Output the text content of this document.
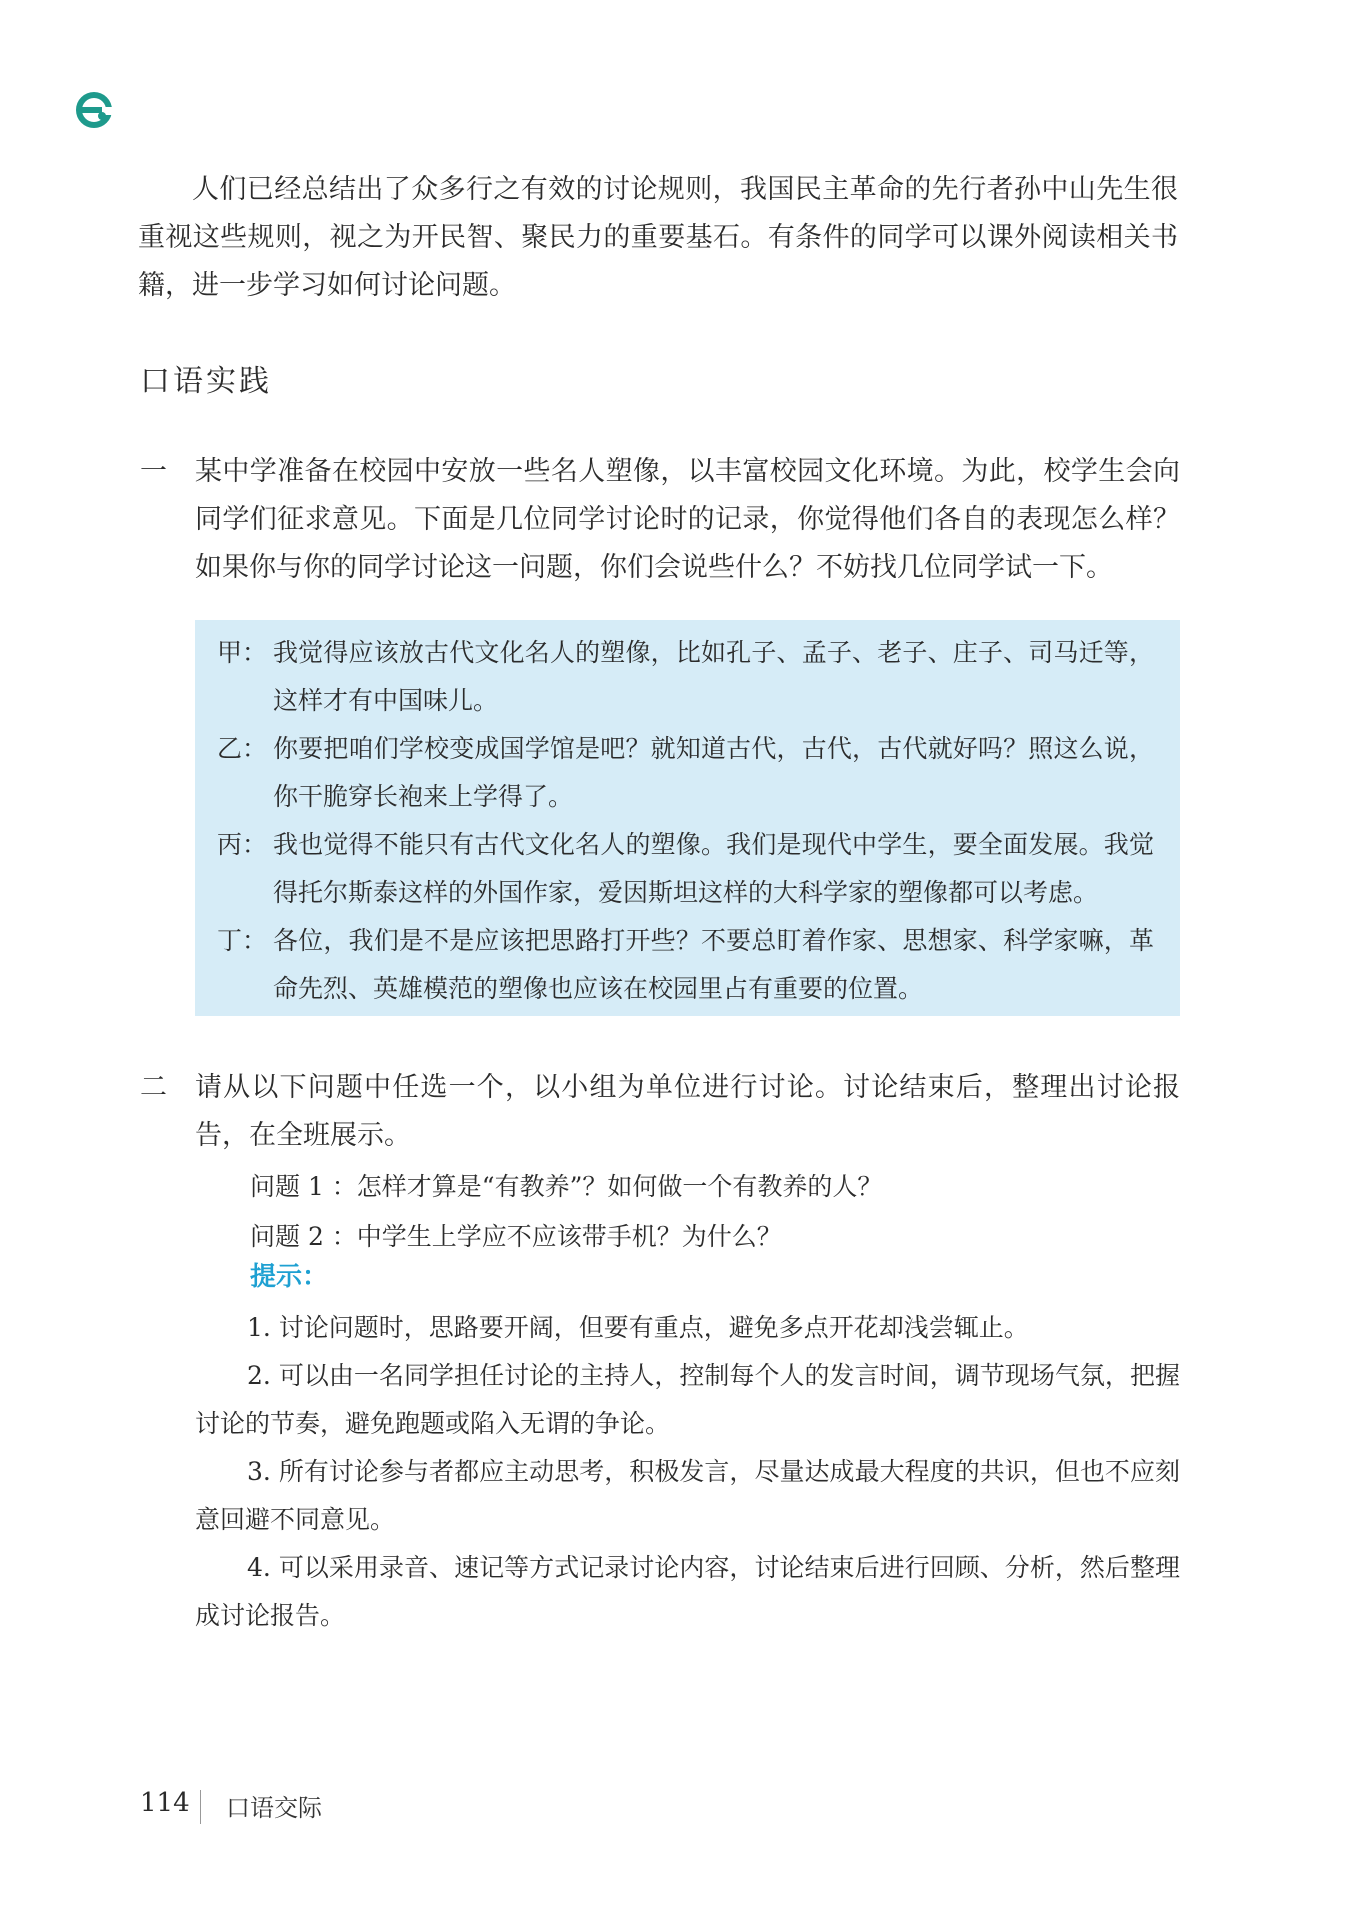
人们已经总结出了众多行之有效的讨论规则，我国民主革命的先行者孙中山先生很重视这些规则，视之为开民智、聚民力的重要基石。有条件的同学可以课外阅读相关书籍，进一步学习如何讨论问题。

口语实践
一 某中学准备在校园中安放一些名人塑像，以丰富校园文化环境。为此，校学生会向同学们征求意见。下面是几位同学讨论时的记录，你觉得他们各自的表现怎么样？如果你与你的同学讨论这一问题，你们会说些什么？不妨找几位同学试一下。
甲： 我觉得应该放古代文化名人的塑像，比如孔子、孟子、老子、庄子、司马迁等，这样才有中国味儿。
乙： 你要把咱们学校变成国学馆是吧？就知道古代，古代，古代就好吗？照这么说，你干脆穿长袍来上学得了。
丙： 我也觉得不能只有古代文化名人的塑像。我们是现代中学生，要全面发展。我觉得托尔斯泰这样的外国作家，爱因斯坦这样的大科学家的塑像都可以考虑。
丁： 各位，我们是不是应该把思路打开些？不要总盯着作家、思想家、科学家嘛，革命先烈、英雄模范的塑像也应该在校园里占有重要的位置。
二 请从以下问题中任选一个，以小组为单位进行讨论。讨论结束后，整理出讨论报告，在全班展示。
问题 1 ：怎样才算是“有教养”？如何做一个有教养的人？
问题 2 ：中学生上学应不应该带手机？为什么？
提示：

1. 讨论问题时，思路要开阔，但要有重点，避免多点开花却浅尝辄止。

2. 可以由一名同学担任讨论的主持人，控制每个人的发言时间，调节现场气氛，把握讨论的节奏，避免跑题或陷入无谓的争论。

3. 所有讨论参与者都应主动思考，积极发言，尽量达成最大程度的共识，但也不应刻意回避不同意见。

4. 可以采用录音、速记等方式记录讨论内容，讨论结束后进行回顾、分析，然后整理成讨论报告。

114 口语交际
